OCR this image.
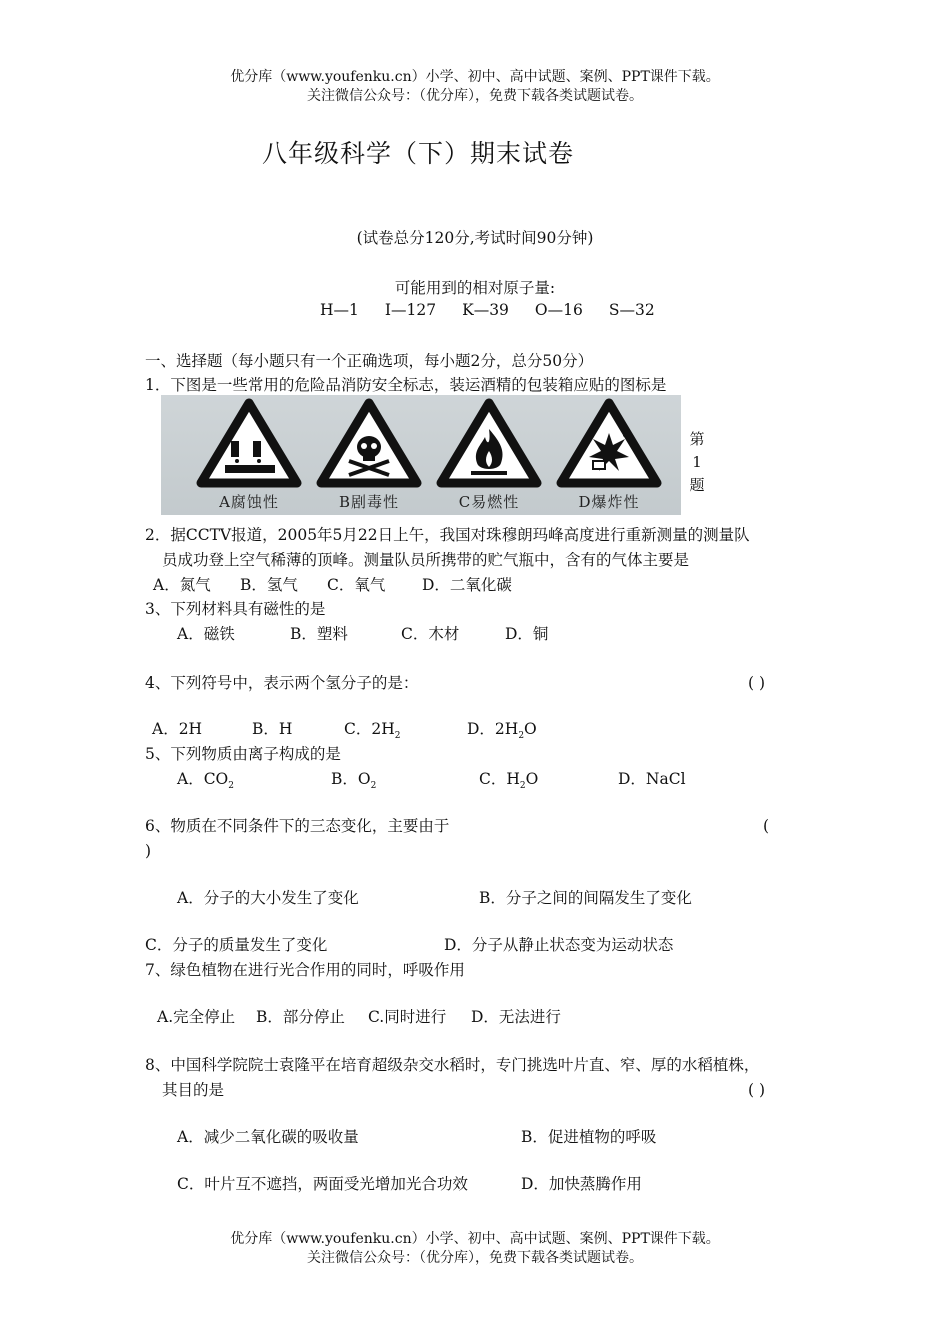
优分库（www.youfenku.cn）小学、初中、高中试题、案例、PPT课件下载。
关注微信公众号：（优分库），免费下载各类试题试卷。
八年级科学（下）期末试卷
(试卷总分120分,考试时间90分钟)
可能用到的相对原子量:
H—1 I—127 K—39 O—16 S—32
一、选择题（每小题只有一个正确选项，每小题2分，总分50分）
1．下图是一些常用的危险品消防安全标志，装运酒精的包装箱应贴的图标是
A腐蚀性	B剧毒性	C易燃性	D爆炸性
第
1
题
2．据CCTV报道，2005年5月22日上午，我国对珠穆朗玛峰高度进行重新测量的测量队
员成功登上空气稀薄的顶峰。测量队员所携带的贮气瓶中，含有的气体主要是
A．氮气 B．氢气 C．氧气 D．二氧化碳
3、下列材料具有磁性的是
A．磁铁	B．塑料	C．木材	D．铜
4、下列符号中，表示两个氢分子的是：	( )
A．2H	B．H	C．$2H_2$	D．$2H_2O$
5、下列物质由离子构成的是
A．$CO_2$	B．$O_2$	C．$H_2O$	D．NaCl
6、物质在不同条件下的三态变化，主要由于	(
)
A．分子的大小发生了变化	B．分子之间的间隔发生了变化
C．分子的质量发生了变化	D．分子从静止状态变为运动状态
7、绿色植物在进行光合作用的同时，呼吸作用
A.完全停止 B．部分停止 C.同时进行 D．无法进行
8、中国科学院院士袁隆平在培育超级杂交水稻时，专门挑选叶片直、窄、厚的水稻植株，
其目的是	( )
A．减少二氧化碳的吸收量	B．促进植物的呼吸
C．叶片互不遮挡，两面受光增加光合功效	D．加快蒸腾作用
优分库（www.youfenku.cn）小学、初中、高中试题、案例、PPT课件下载。
关注微信公众号：（优分库），免费下载各类试题试卷。
